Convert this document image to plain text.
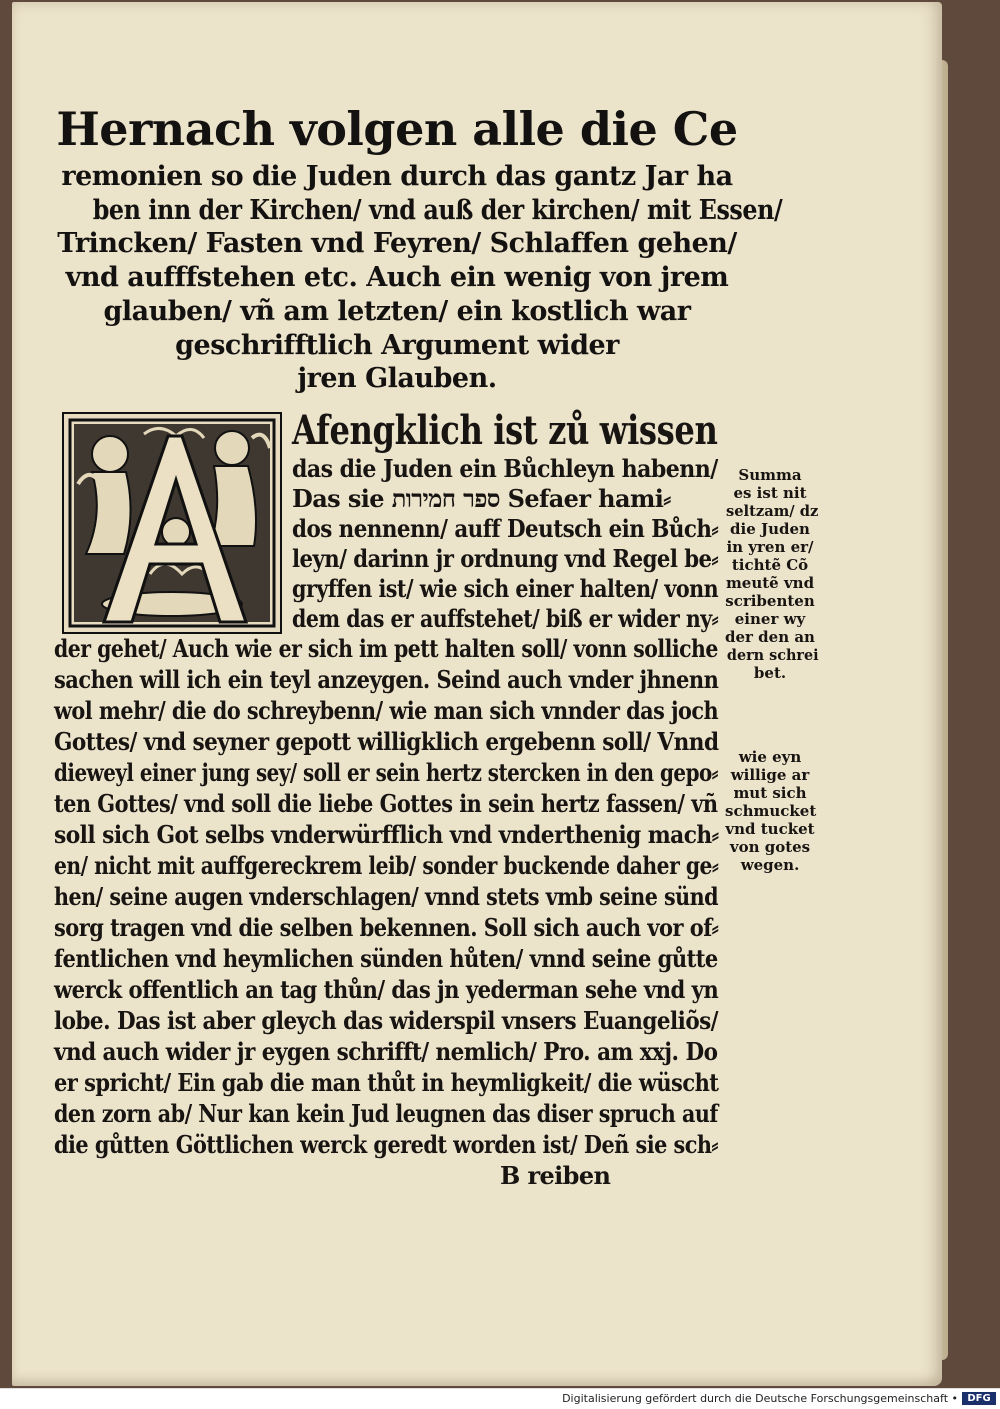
Hernach volgen alle die Ce
remonien so die Juden durch das gantz Jar ha
ben inn der Kirchen/ vnd auß der kirchen/ mit Essen/
Trincken/ Fasten vnd Feyren/ Schlaffen gehen/
vnd aufffstehen etc. Auch ein wenig von jrem
glauben/ vñ am letzten/ ein kostlich war
geschrifftlich Argument wider
jren Glauben.
Afengklich ist zů wissen
das die Juden ein Bůchleyn habenn/
Das sie ספר חמירות Sefaer hami⸗
dos nennenn/ auff Deutsch ein Bůch⸗
leyn/ darinn jr ordnung vnd Regel be⸗
gryffen ist/ wie sich einer halten/ vonn
dem das er auffstehet/ biß er wider ny⸗
der gehet/ Auch wie er sich im pett halten soll/ vonn solliche
sachen will ich ein teyl anzeygen. Seind auch vnder jhnenn
wol mehr/ die do schreybenn/ wie man sich vnnder das joch
Gottes/ vnd seyner gepott willigklich ergebenn soll/ Vnnd
dieweyl einer jung sey/ soll er sein hertz stercken in den gepo⸗
ten Gottes/ vnd soll die liebe Gottes in sein hertz fassen/ vñ
soll sich Got selbs vnderwürfflich vnd vnderthenig mach⸗
en/ nicht mit auffgereckrem leib/ sonder buckende daher ge⸗
hen/ seine augen vnderschlagen/ vnnd stets vmb seine sünd
sorg tragen vnd die selben bekennen. Soll sich auch vor of⸗
fentlichen vnd heymlichen sünden hůten/ vnnd seine gůtte
werck offentlich an tag thůn/ das jn yederman sehe vnd yn
lobe. Das ist aber gleych das widerspil vnsers Euangeliõs/
vnd auch wider jr eygen schrifft/ nemlich/ Pro. am xxj. Do
er spricht/ Ein gab die man thůt in heymligkeit/ die wüscht
den zorn ab/ Nur kan kein Jud leugnen das diser spruch auf
die gůtten Göttlichen werck geredt worden ist/ Deñ sie sch⸗
B reiben
Summa
es ist nit
seltzam/ dz
die Juden
in yren er/
tichtẽ Cõ
meutẽ vnd
scribenten
einer wy
der den an
dern schrei
bet.
wie eyn
willige ar
mut sich
schmucket
vnd tucket
von gotes
wegen.
Digitalisierung gefördert durch die Deutsche Forschungsgemeinschaft • DFG
